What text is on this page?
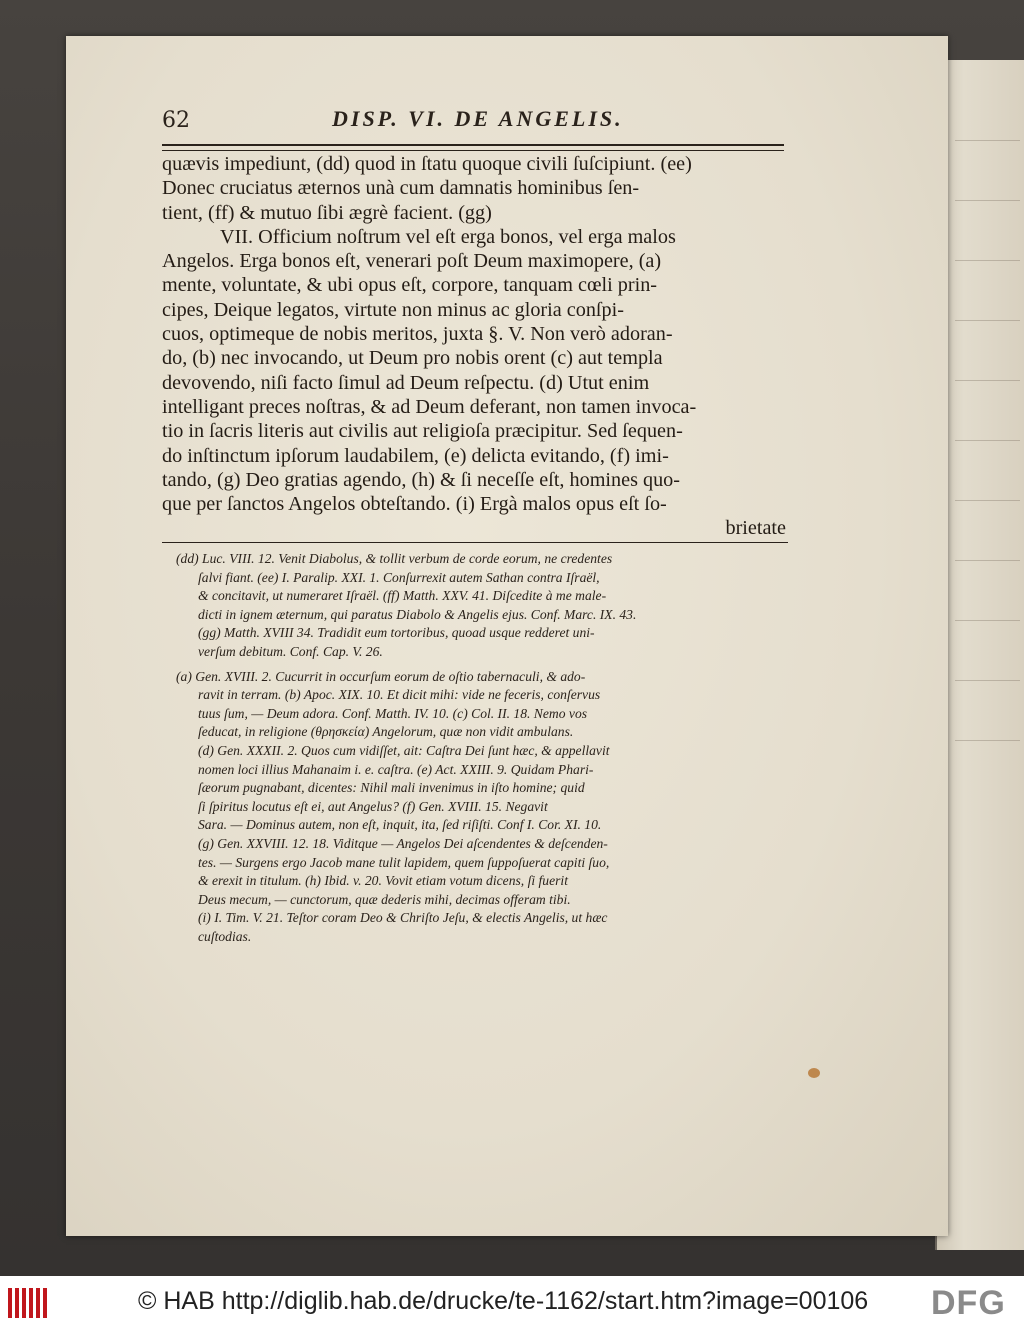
62	DISP. VI. DE ANGELIS.
quævis impediunt, (dd) quod in ſtatu quoque civili ſuſcipiunt. (ee)
Donec cruciatus æternos unà cum damnatis hominibus ſen-
tient, (ff) & mutuo ſibi ægrè facient. (gg)
VII. Officium noſtrum vel eſt erga bonos, vel erga malos
Angelos. Erga bonos eſt, venerari poſt Deum maximopere, (a)
mente, voluntate, & ubi opus eſt, corpore, tanquam cœli prin-
cipes, Deique legatos, virtute non minus ac gloria conſpi-
cuos, optimeque de nobis meritos, juxta §. V. Non verò adoran-
do, (b) nec invocando, ut Deum pro nobis orent (c) aut templa
devovendo, niſi facto ſimul ad Deum reſpectu. (d) Utut enim
intelligant preces noſtras, & ad Deum deferant, non tamen invoca-
tio in ſacris literis aut civilis aut religioſa præcipitur. Sed ſequen-
do inſtinctum ipſorum laudabilem, (e) delicta evitando, (f) imi-
tando, (g) Deo gratias agendo, (h) & ſi neceſſe eſt, homines quo-
que per ſanctos Angelos obteſtando. (i) Ergà malos opus eſt ſo-
brietate
(dd) Luc. VIII. 12. Venit Diabolus, & tollit verbum de corde eorum, ne credentes
ſalvi fiant. (ee) I. Paralip. XXI. 1. Conſurrexit autem Sathan contra Iſraël,
& concitavit, ut numeraret Iſraël. (ff) Matth. XXV. 41. Diſcedite à me male-
dicti in ignem æternum, qui paratus Diabolo & Angelis ejus. Conf. Marc. IX. 43.
(gg) Matth. XVIII 34. Tradidit eum tortoribus, quoad usque redderet uni-
verſum debitum. Conf. Cap. V. 26.
(a) Gen. XVIII. 2. Cucurrit in occurſum eorum de oſtio tabernaculi, & ado-
ravit in terram. (b) Apoc. XIX. 10. Et dicit mihi: vide ne feceris, conſervus
tuus ſum, — Deum adora. Conf. Matth. IV. 10. (c) Col. II. 18. Nemo vos
ſeducat, in religione (θρησκεία) Angelorum, quæ non vidit ambulans.
(d) Gen. XXXII. 2. Quos cum vidiſſet, ait: Caſtra Dei ſunt hæc, & appellavit
nomen loci illius Mahanaim i. e. caſtra. (e) Act. XXIII. 9. Quidam Phari-
ſæorum pugnabant, dicentes: Nihil mali invenimus in iſto homine; quid
ſi ſpiritus locutus eſt ei, aut Angelus? (f) Gen. XVIII. 15. Negavit
Sara. — Dominus autem, non eſt, inquit, ita, ſed riſiſti. Conf I. Cor. XI. 10.
(g) Gen. XXVIII. 12. 18. Viditque — Angelos Dei aſcendentes & deſcenden-
tes. — Surgens ergo Jacob mane tulit lapidem, quem ſuppoſuerat capiti ſuo,
& erexit in titulum. (h) Ibid. v. 20. Vovit etiam votum dicens, ſi fuerit
Deus mecum, — cunctorum, quæ dederis mihi, decimas offeram tibi.
(i) I. Tim. V. 21. Teſtor coram Deo & Chriſto Jeſu, & electis Angelis, ut hæc
cuſtodias.
© HAB http://diglib.hab.de/drucke/te-1162/start.htm?image=00106 DFG
